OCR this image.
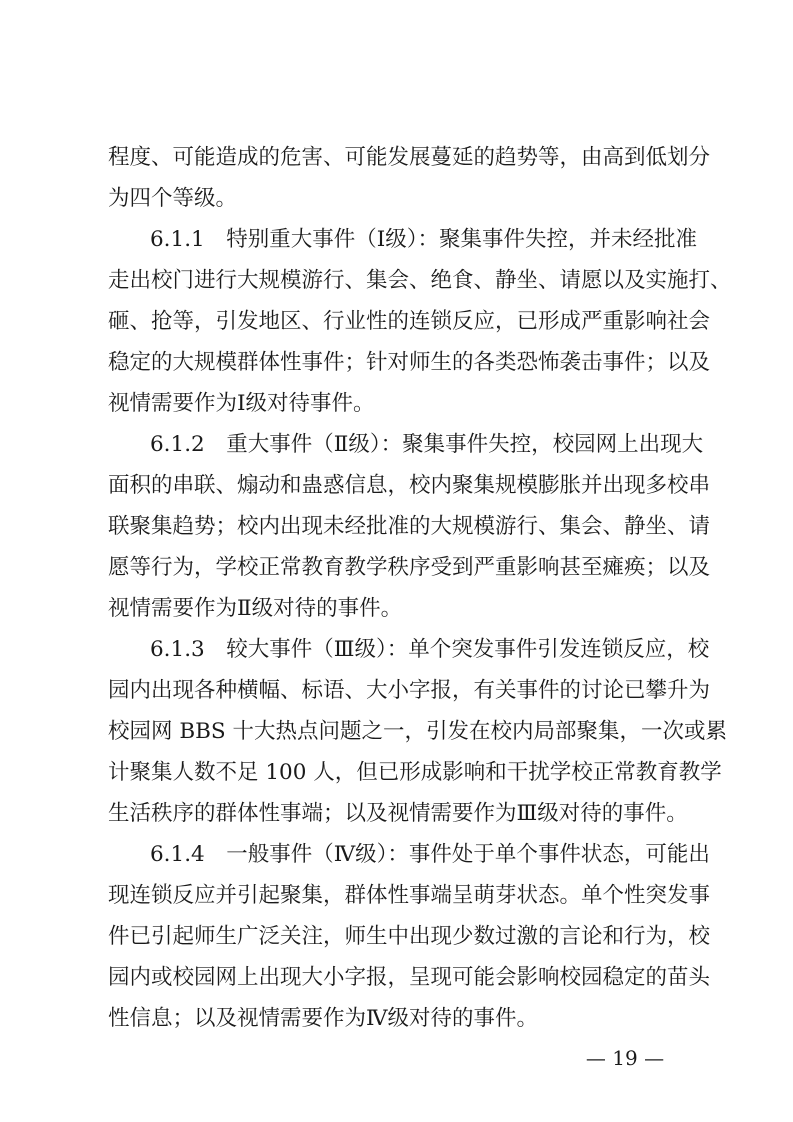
程度、可能造成的危害、可能发展蔓延的趋势等，由高到低划分
为四个等级。
6.1.1　特别重大事件（Ⅰ级）：聚集事件失控，并未经批准
走出校门进行大规模游行、集会、绝食、静坐、请愿以及实施打、
砸、抢等，引发地区、行业性的连锁反应，已形成严重影响社会
稳定的大规模群体性事件；针对师生的各类恐怖袭击事件；以及
视情需要作为Ⅰ级对待事件。
6.1.2　重大事件（Ⅱ级）：聚集事件失控，校园网上出现大
面积的串联、煽动和蛊惑信息，校内聚集规模膨胀并出现多校串
联聚集趋势；校内出现未经批准的大规模游行、集会、静坐、请
愿等行为，学校正常教育教学秩序受到严重影响甚至瘫痪；以及
视情需要作为Ⅱ级对待的事件。
6.1.3　较大事件（Ⅲ级）：单个突发事件引发连锁反应，校
园内出现各种横幅、标语、大小字报，有关事件的讨论已攀升为
校园网 BBS 十大热点问题之一，引发在校内局部聚集，一次或累
计聚集人数不足 100 人，但已形成影响和干扰学校正常教育教学
生活秩序的群体性事端；以及视情需要作为Ⅲ级对待的事件。
6.1.4　一般事件（Ⅳ级）：事件处于单个事件状态，可能出
现连锁反应并引起聚集，群体性事端呈萌芽状态。单个性突发事
件已引起师生广泛关注，师生中出现少数过激的言论和行为，校
园内或校园网上出现大小字报，呈现可能会影响校园稳定的苗头
性信息；以及视情需要作为Ⅳ级对待的事件。
— 19 —
